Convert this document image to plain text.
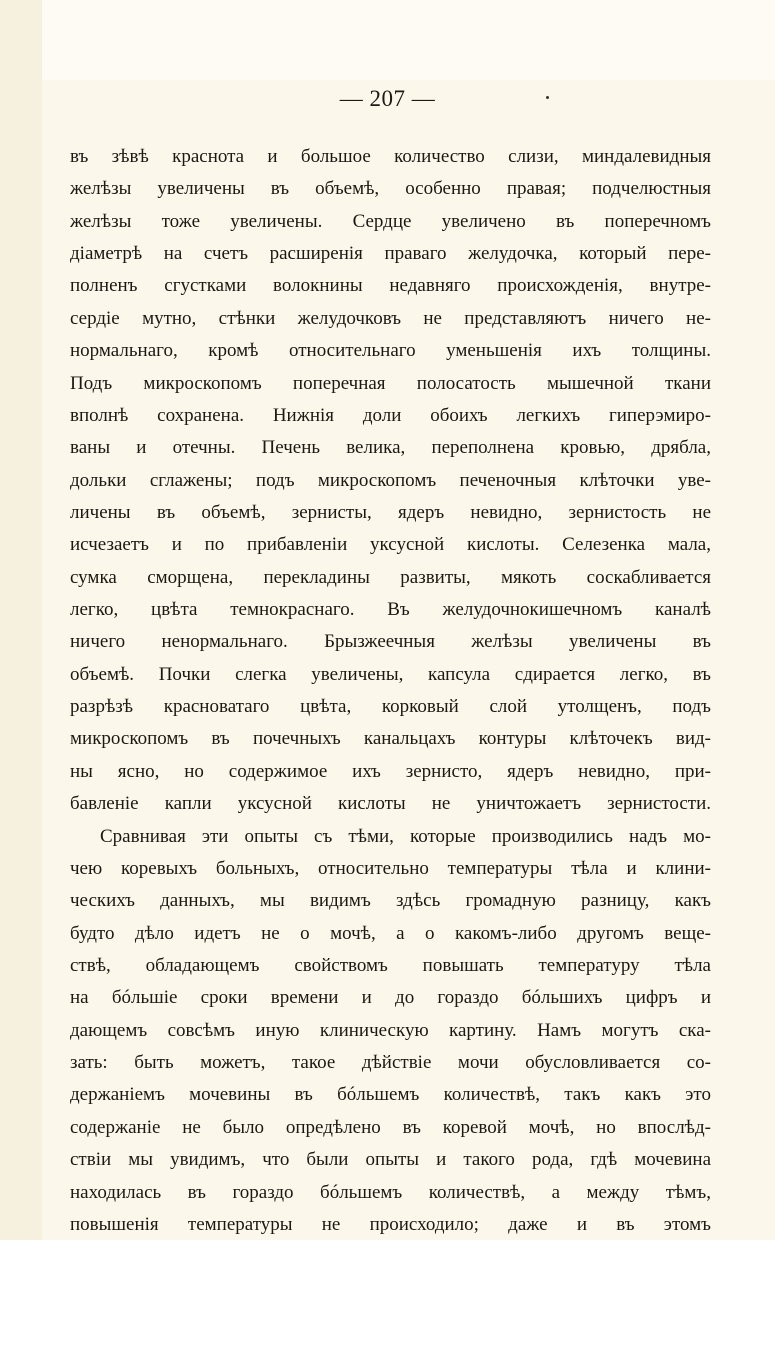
— 207 —
въ зѣвѣ краснота и большое количество слизи, миндалевидныя
желѣзы увеличены въ объемѣ, особенно правая; подчелюстныя
желѣзы тоже увеличены. Сердце увеличено въ поперечномъ
діаметрѣ на счетъ расширенія праваго желудочка, который пере-
полненъ сгустками волокнины недавняго происхожденія, внутре-
сердіе мутно, стѣнки желудочковъ не представляютъ ничего не-
нормальнаго, кромѣ относительнаго уменьшенія ихъ толщины.
Подъ микроскопомъ поперечная полосатость мышечной ткани
вполнѣ сохранена. Нижнія доли обоихъ легкихъ гиперэмиро-
ваны и отечны. Печень велика, переполнена кровью, дрябла,
дольки сглажены; подъ микроскопомъ печеночныя клѣточки уве-
личены въ объемѣ, зернисты, ядеръ невидно, зернистость не
исчезаетъ и по прибавленіи уксусной кислоты. Селезенка мала,
сумка сморщена, перекладины развиты, мякоть соскабливается
легко, цвѣта темнокраснаго. Въ желудочнокишечномъ каналѣ
ничего ненормальнаго. Брызжеечныя желѣзы увеличены въ
объемѣ. Почки слегка увеличены, капсула сдирается легко, въ
разрѣзѣ красноватаго цвѣта, корковый слой утолщенъ, подъ
микроскопомъ въ почечныхъ канальцахъ контуры клѣточекъ вид-
ны ясно, но содержимое ихъ зернисто, ядеръ невидно, при-
бавленіе капли уксусной кислоты не уничтожаетъ зернистости.
Сравнивая эти опыты съ тѣми, которые производились надъ мо-
чею коревыхъ больныхъ, относительно температуры тѣла и клини-
ческихъ данныхъ, мы видимъ здѣсь громадную разницу, какъ
будто дѣло идетъ не о мочѣ, а о какомъ-либо другомъ веще-
ствѣ, обладающемъ свойствомъ повышать температуру тѣла
на бóльшіе сроки времени и до гораздо бóльшихъ цифръ и
дающемъ совсѣмъ иную клиническую картину. Намъ могутъ ска-
зать: быть можетъ, такое дѣйствіе мочи обусловливается со-
держаніемъ мочевины въ бóльшемъ количествѣ, такъ какъ это
содержаніе не было опредѣлено въ коревой мочѣ, но впослѣд-
ствіи мы увидимъ, что были опыты и такого рода, гдѣ мочевина
находилась въ гораздо бóльшемъ количествѣ, а между тѣмъ,
повышенія температуры не происходило; даже и въ этомъ
